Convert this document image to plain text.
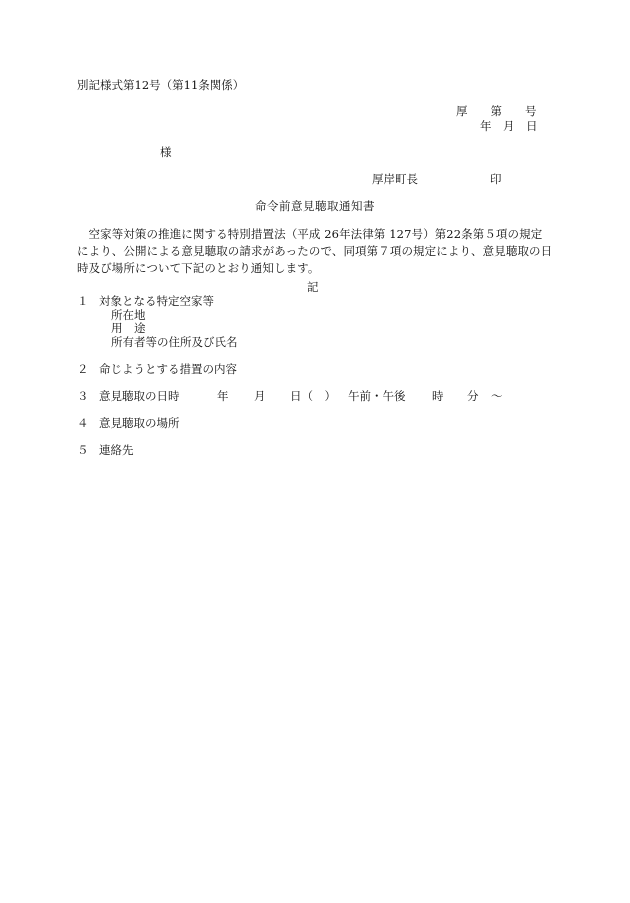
別記様式第12号（第11条関係）
厚　　第　　号
年　月　日
様
厚岸町長	印
命令前意見聴取通知書
空家等対策の推進に関する特別措置法（平成 26年法律第 127号）第22条第５項の規定により、公開による意見聴取の請求があったので、同項第７項の規定により、意見聴取の日時及び場所について下記のとおり通知します。
記
１ 対象となる特定空家等
所在地
用　途
所有者等の住所及び氏名
２ 命じようとする措置の内容
３ 意見聴取の日時	年 月 日（　） 午前・午後 時 分 ～
４ 意見聴取の場所
５ 連絡先
